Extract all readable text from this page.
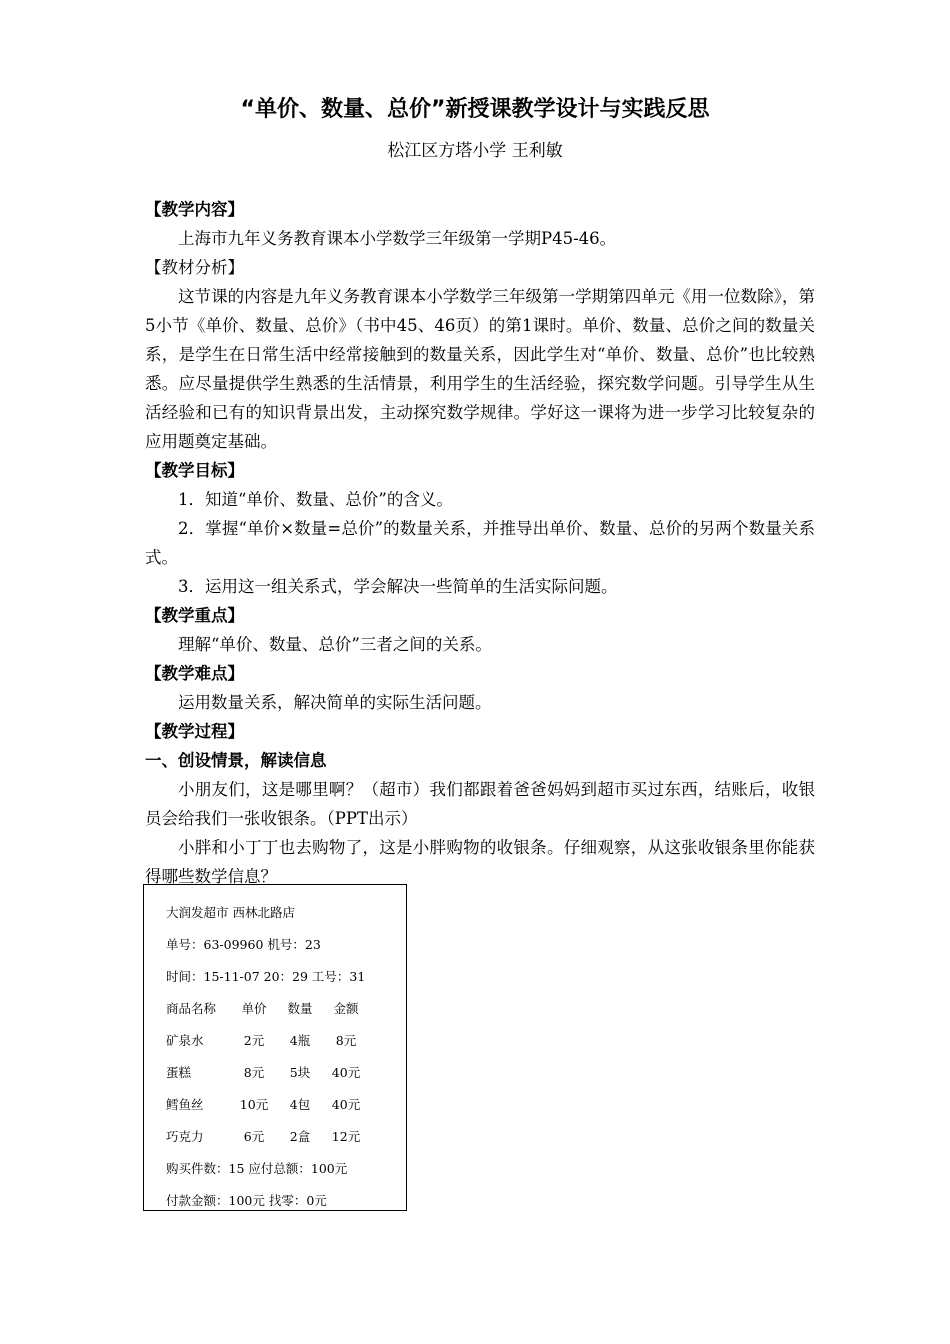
“单价、数量、总价”新授课教学设计与实践反思
松江区方塔小学 王利敏

【教学内容】

上海市九年义务教育课本小学数学三年级第一学期P45-46。

【教材分析】

这节课的内容是九年义务教育课本小学数学三年级第一学期第四单元《用一位数除》，第5小节《单价、数量、总价》（书中45、46页）的第1课时。单价、数量、总价之间的数量关系，是学生在日常生活中经常接触到的数量关系，因此学生对“单价、数量、总价”也比较熟悉。应尽量提供学生熟悉的生活情景，利用学生的生活经验，探究数学问题。引导学生从生活经验和已有的知识背景出发，主动探究数学规律。学好这一课将为进一步学习比较复杂的应用题奠定基础。

【教学目标】

1．知道“单价、数量、总价”的含义。

2．掌握“单价×数量=总价”的数量关系，并推导出单价、数量、总价的另两个数量关系式。

3．运用这一组关系式，学会解决一些简单的生活实际问题。

【教学重点】

理解“单价、数量、总价”三者之间的关系。

【教学难点】

运用数量关系，解决简单的实际生活问题。

【教学过程】

一、创设情景，解读信息

小朋友们，这是哪里啊？（超市）我们都跟着爸爸妈妈到超市买过东西，结账后，收银员会给我们一张收银条。（PPT出示）

小胖和小丁丁也去购物了，这是小胖购物的收银条。仔细观察，从这张收银条里你能获得哪些数学信息？

大润发超市 西林北路店
单号：63-09960 机号：23
时间：15-11-07 20：29 工号：31
商品名称	单价	数量	金额
矿泉水	2元	4瓶	8元
蛋糕	8元	5块	40元
鳕鱼丝	10元	4包	40元
巧克力	6元	2盒	12元
购买件数：15 应付总额：100元
付款金额：100元 找零：0元
